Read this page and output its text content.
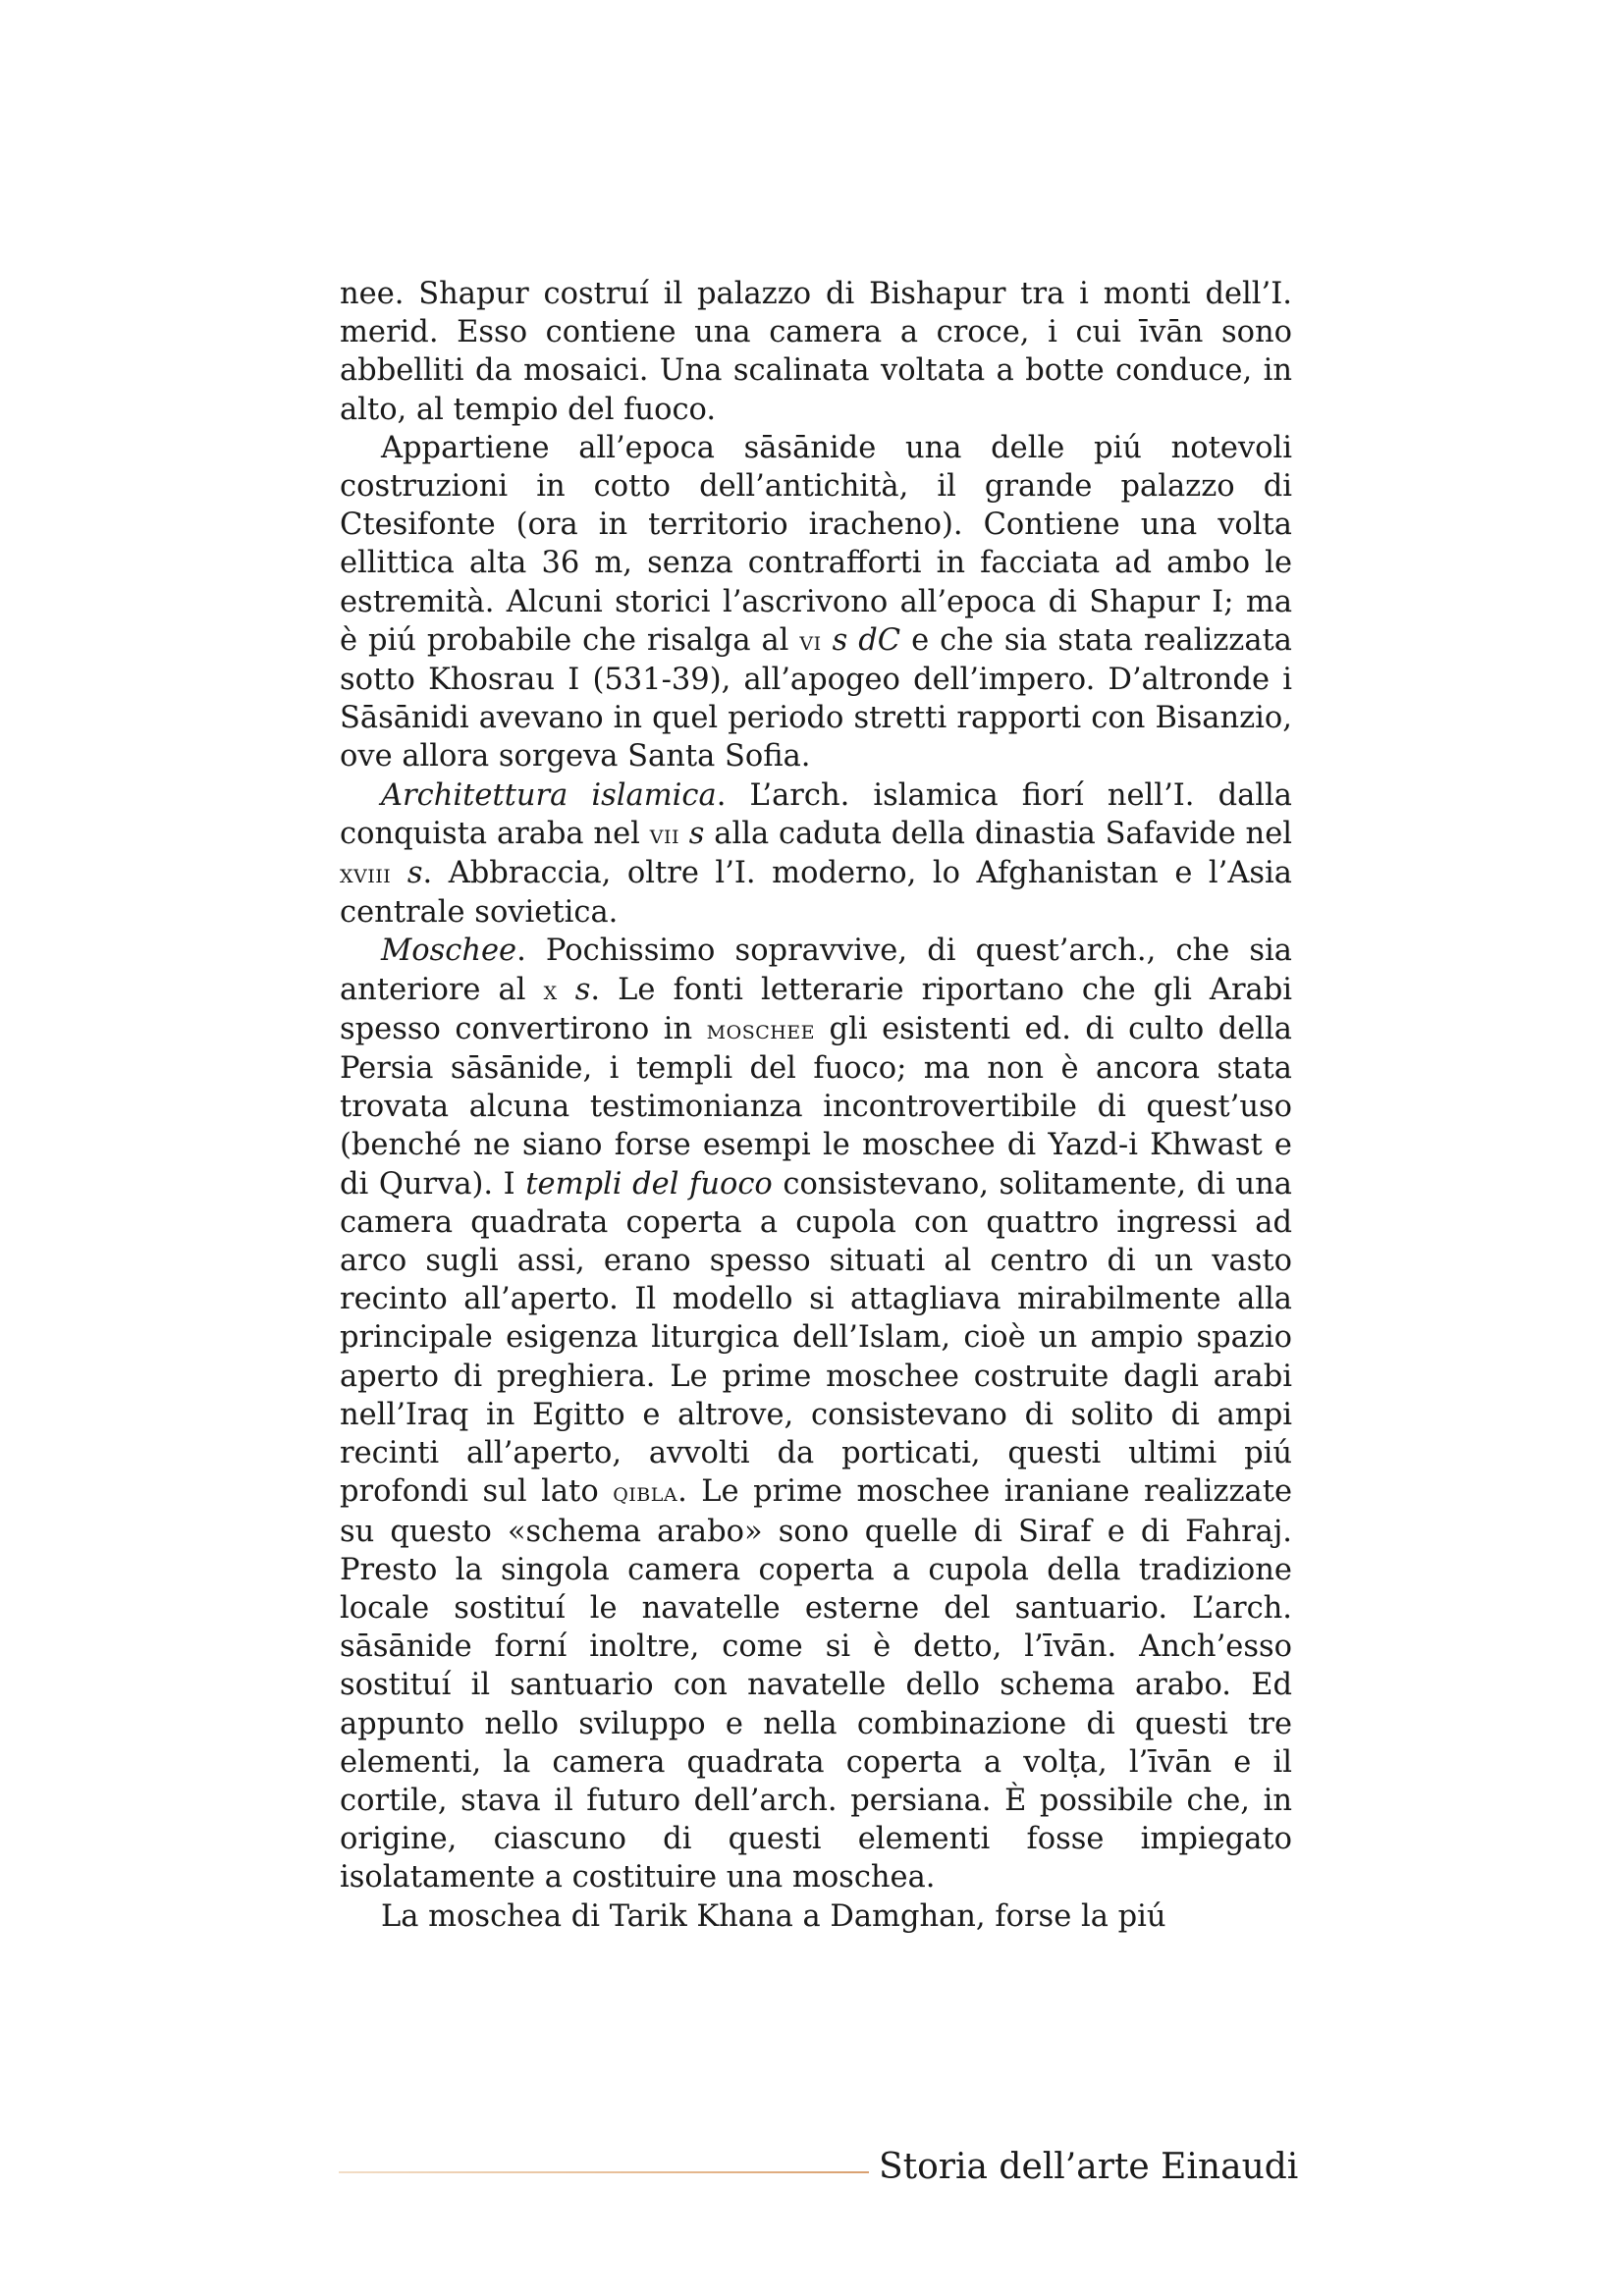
nee. Shapur costruí il palazzo di Bishapur tra i monti dell’I. merid. Esso contiene una camera a croce, i cui īvān sono abbelliti da mosaici. Una scalinata voltata a botte conduce, in alto, al tempio del fuoco.

Appartiene all’epoca sāsānide una delle piú notevoli costruzioni in cotto dell’antichità, il grande palazzo di Ctesifonte (ora in territorio iracheno). Contiene una volta ellittica alta 36 m, senza contrafforti in facciata ad ambo le estremità. Alcuni storici l’ascrivono all’epoca di Shapur I; ma è piú probabile che risalga al vi s dC e che sia stata realizzata sotto Khosrau I (531-39), all’apogeo dell’impero. D’altronde i Sāsānidi avevano in quel periodo stretti rapporti con Bisanzio, ove allora sorgeva Santa Sofia.

Architettura islamica. L’arch. islamica fiorí nell’I. dalla conquista araba nel vii s alla caduta della dinastia Safavide nel xviii s. Abbraccia, oltre l’I. moderno, lo Afghanistan e l’Asia centrale sovietica.

Moschee. Pochissimo sopravvive, di quest’arch., che sia anteriore al x s. Le fonti letterarie riportano che gli Arabi spesso convertirono in moschee gli esistenti ed. di culto della Persia sāsānide, i templi del fuoco; ma non è ancora stata trovata alcuna testimonianza incontrovertibile di quest’uso (benché ne siano forse esempi le moschee di Yazd-i Khwast e di Qurva). I templi del fuoco consistevano, solitamente, di una camera quadrata coperta a cupola con quattro ingressi ad arco sugli assi, erano spesso situati al centro di un vasto recinto all’aperto. Il modello si attagliava mirabilmente alla principale esigenza liturgica dell’Islam, cioè un ampio spazio aperto di preghiera. Le prime moschee costruite dagli arabi nell’Iraq in Egitto e altrove, consistevano di solito di ampi recinti all’aperto, avvolti da porticati, questi ultimi piú profondi sul lato qibla. Le prime moschee iraniane realizzate su questo «schema arabo» sono quelle di Siraf e di Fahraj. Presto la singola camera coperta a cupola della tradizione locale sostituí le navatelle esterne del santuario. L’arch. sāsānide forní inoltre, come si è detto, l’īvān. Anch’esso sostituí il santuario con navatelle dello schema arabo. Ed appunto nello sviluppo e nella combinazione di questi tre elementi, la camera quadrata coperta a volṭa, l’īvān e il cortile, stava il futuro dell’arch. persiana. È possibile che, in origine, ciascuno di questi elementi fosse impiegato isolatamente a costituire una moschea.

La moschea di Tarik Khana a Damghan, forse la piú

Storia dell’arte Einaudi
